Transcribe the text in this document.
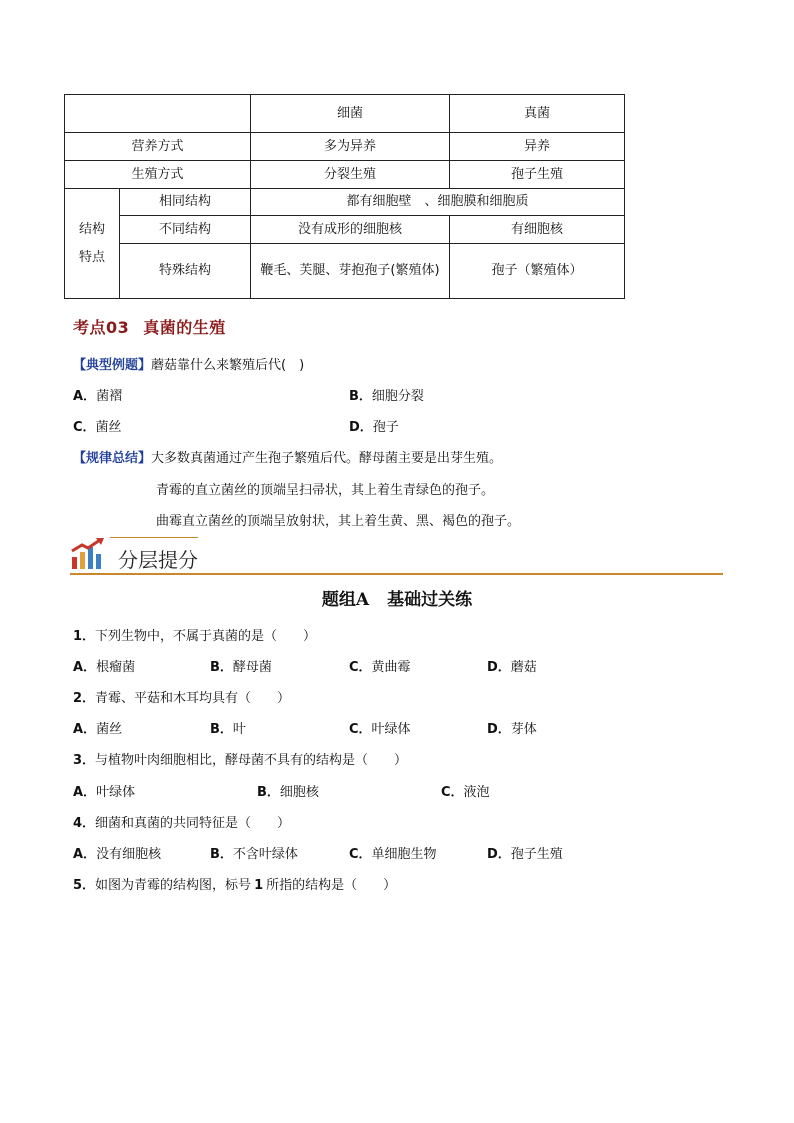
		细菌	真菌
营养方式		多为异养	异养
生殖方式		分裂生殖	孢子生殖
结构
特点	相同结构	都有细胞壁　、细胞膜和细胞质	
	不同结构	没有成形的细胞核	有细胞核
	特殊结构	鞭毛、芙腿、芽抱孢子(繁殖体)	孢子（繁殖体）
考点03 真菌的生殖
【典型例题】蘑菇靠什么来繁殖后代(　)
A．菌褶	B．细胞分裂
C．菌丝	D．孢子
【规律总结】大多数真菌通过产生孢子繁殖后代。酵母菌主要是出芽生殖。
青霉的直立菌丝的顶端呈扫帚状，其上着生青绿色的孢子。
曲霉直立菌丝的顶端呈放射状，其上着生黄、黑、褐色的孢子。
分层提分
题组A 基础过关练
1．下列生物中，不属于真菌的是（　　）
A．根瘤菌	B．酵母菌	C．黄曲霉	D．蘑菇
2．青霉、平菇和木耳均具有（　　）
A．菌丝	B．叶	C．叶绿体	D．芽体
3．与植物叶肉细胞相比，酵母菌不具有的结构是（　　）
A．叶绿体	B．细胞核	C．液泡
4．细菌和真菌的共同特征是（　　）
A．没有细胞核	B．不含叶绿体	C．单细胞生物	D．孢子生殖
5．如图为青霉的结构图，标号 1 所指的结构是（　　）
